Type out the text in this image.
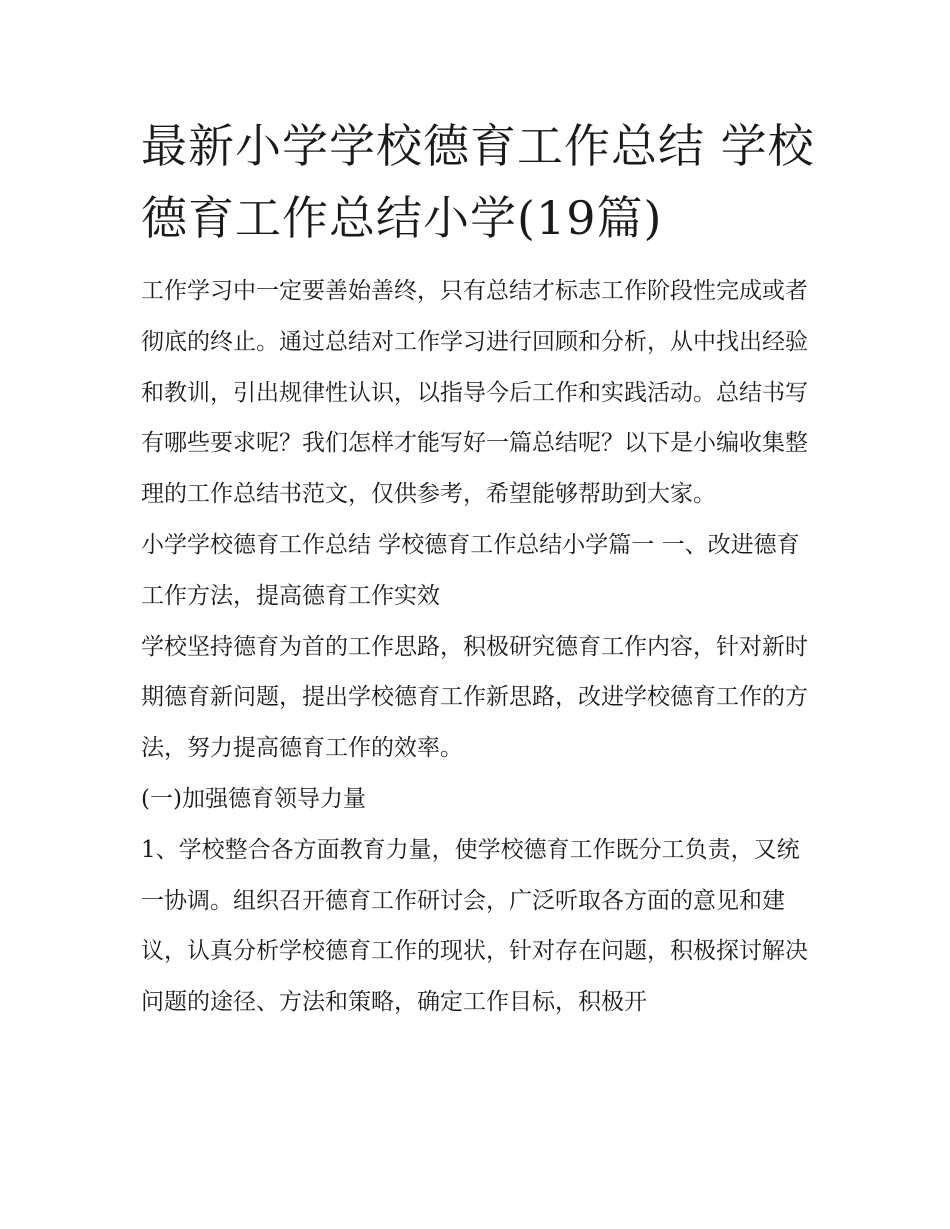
最新小学学校德育工作总结 学校德育工作总结小学(19篇)

工作学习中一定要善始善终，只有总结才标志工作阶段性完成或者彻底的终止。通过总结对工作学习进行回顾和分析，从中找出经验和教训，引出规律性认识，以指导今后工作和实践活动。总结书写有哪些要求呢？我们怎样才能写好一篇总结呢？以下是小编收集整理的工作总结书范文，仅供参考，希望能够帮助到大家。

小学学校德育工作总结 学校德育工作总结小学篇一 一、改进德育工作方法，提高德育工作实效

学校坚持德育为首的工作思路，积极研究德育工作内容，针对新时期德育新问题，提出学校德育工作新思路，改进学校德育工作的方法，努力提高德育工作的效率。

(一)加强德育领导力量

1、学校整合各方面教育力量，使学校德育工作既分工负责，又统一协调。组织召开德育工作研讨会，广泛听取各方面的意见和建议，认真分析学校德育工作的现状，针对存在问题，积极探讨解决问题的途径、方法和策略，确定工作目标，积极开
